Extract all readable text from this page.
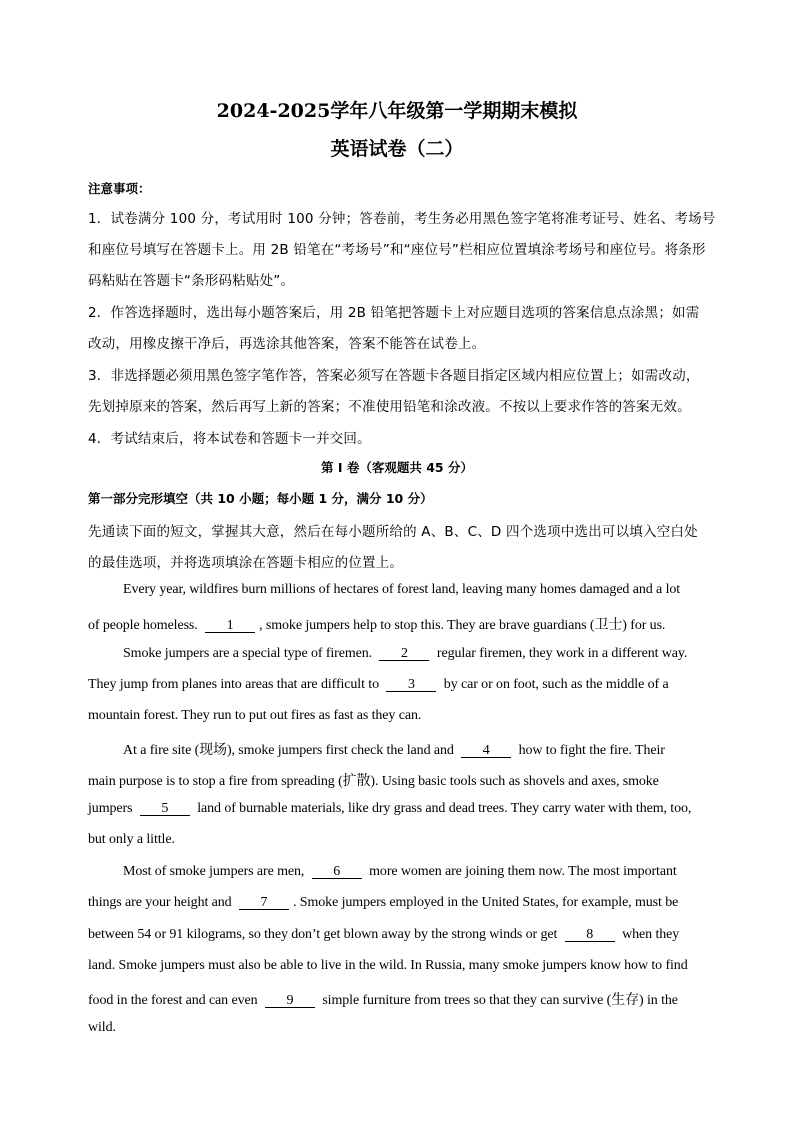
2024-2025学年八年级第一学期期末模拟
英语试卷（二）
注意事项：
1．试卷满分 100 分，考试用时 100 分钟；答卷前，考生务必用黑色签字笔将准考证号、姓名、考场号
和座位号填写在答题卡上。用 2B 铅笔在“考场号”和“座位号”栏相应位置填涂考场号和座位号。将条形
码粘贴在答题卡“条形码粘贴处”。
2．作答选择题时，选出每小题答案后，用 2B 铅笔把答题卡上对应题目选项的答案信息点涂黑；如需
改动，用橡皮擦干净后，再选涂其他答案，答案不能答在试卷上。
3．非选择题必须用黑色签字笔作答，答案必须写在答题卡各题目指定区域内相应位置上；如需改动，
先划掉原来的答案，然后再写上新的答案；不准使用铅笔和涂改液。不按以上要求作答的答案无效。
4．考试结束后，将本试卷和答题卡一并交回。
第 I 卷（客观题共 45 分）
第一部分完形填空（共 10 小题；每小题 1 分，满分 10 分）
先通读下面的短文，掌握其大意，然后在每小题所给的 A、B、C、D 四个选项中选出可以填入空白处
的最佳选项，并将选项填涂在答题卡相应的位置上。
Every year, wildfires burn millions of hectares of forest land, leaving many homes damaged and a lot
of people homeless. 1 , smoke jumpers help to stop this. They are brave guardians (卫士) for us.
Smoke jumpers are a special type of firemen. 2 regular firemen, they work in a different way.
They jump from planes into areas that are difficult to 3 by car or on foot, such as the middle of a
mountain forest. They run to put out fires as fast as they can.
At a fire site (现场), smoke jumpers first check the land and 4 how to fight the fire. Their
main purpose is to stop a fire from spreading (扩散). Using basic tools such as shovels and axes, smoke
jumpers 5 land of burnable materials, like dry grass and dead trees. They carry water with them, too,
but only a little.
Most of smoke jumpers are men, 6 more women are joining them now. The most important
things are your height and 7 . Smoke jumpers employed in the United States, for example, must be
between 54 or 91 kilograms, so they don’t get blown away by the strong winds or get 8 when they
land. Smoke jumpers must also be able to live in the wild. In Russia, many smoke jumpers know how to find
food in the forest and can even 9 simple furniture from trees so that they can survive (生存) in the
wild.
